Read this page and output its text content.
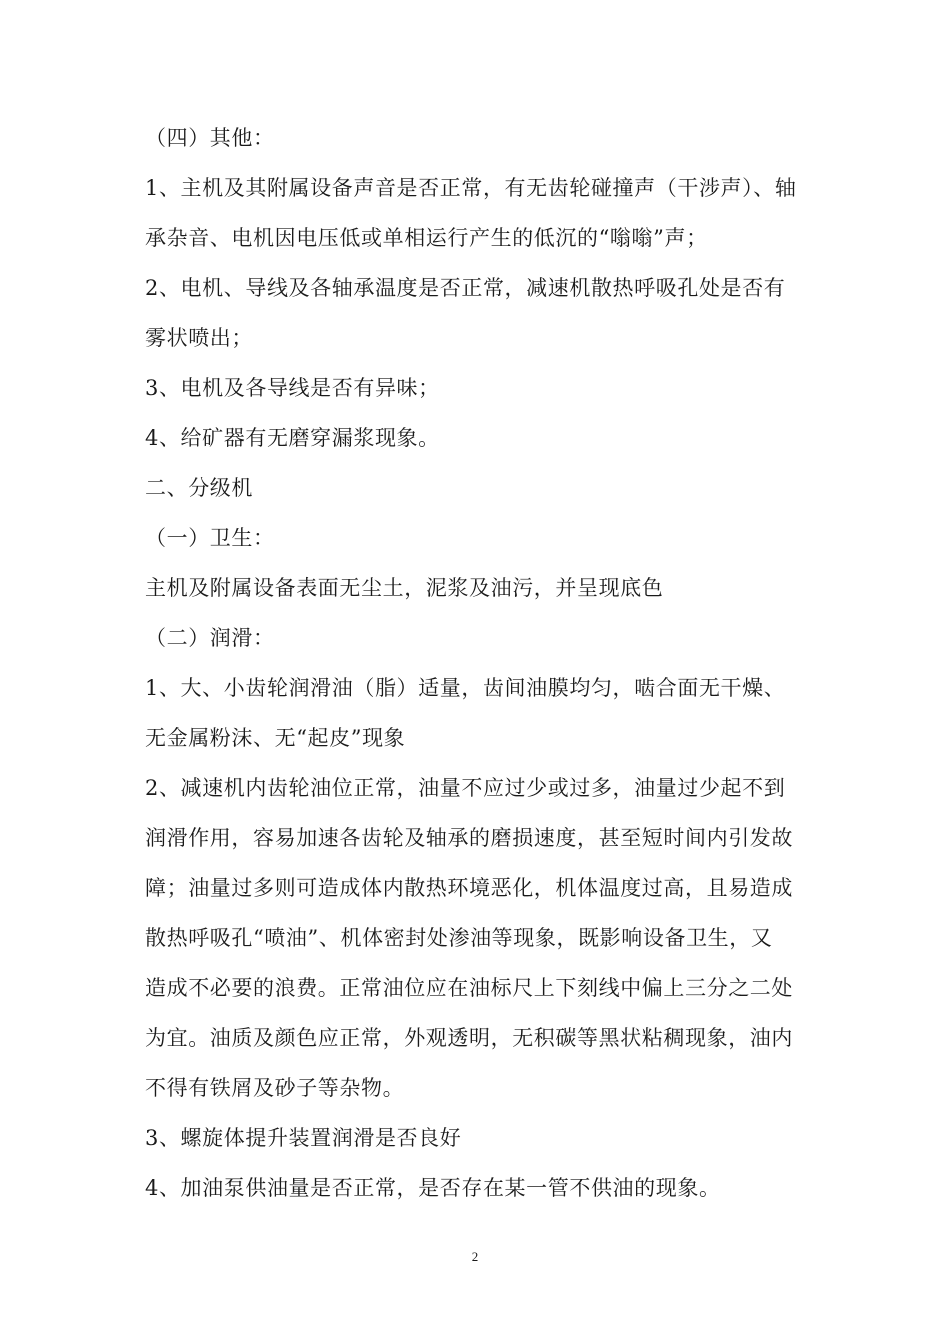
（四）其他：
1、主机及其附属设备声音是否正常，有无齿轮碰撞声（干涉声）、轴
承杂音、电机因电压低或单相运行产生的低沉的“嗡嗡”声；
2、电机、导线及各轴承温度是否正常，减速机散热呼吸孔处是否有
雾状喷出；
3、电机及各导线是否有异味；
4、给矿器有无磨穿漏浆现象。
二、分级机
（一）卫生：
主机及附属设备表面无尘土，泥浆及油污，并呈现底色
（二）润滑：
1、大、小齿轮润滑油（脂）适量，齿间油膜均匀，啮合面无干燥、
无金属粉沫、无“起皮”现象
2、减速机内齿轮油位正常，油量不应过少或过多，油量过少起不到
润滑作用，容易加速各齿轮及轴承的磨损速度，甚至短时间内引发故
障；油量过多则可造成体内散热环境恶化，机体温度过高，且易造成
散热呼吸孔“喷油”、机体密封处渗油等现象，既影响设备卫生，又
造成不必要的浪费。正常油位应在油标尺上下刻线中偏上三分之二处
为宜。油质及颜色应正常，外观透明，无积碳等黑状粘稠现象，油内
不得有铁屑及砂子等杂物。
3、螺旋体提升装置润滑是否良好
4、加油泵供油量是否正常，是否存在某一管不供油的现象。
2
